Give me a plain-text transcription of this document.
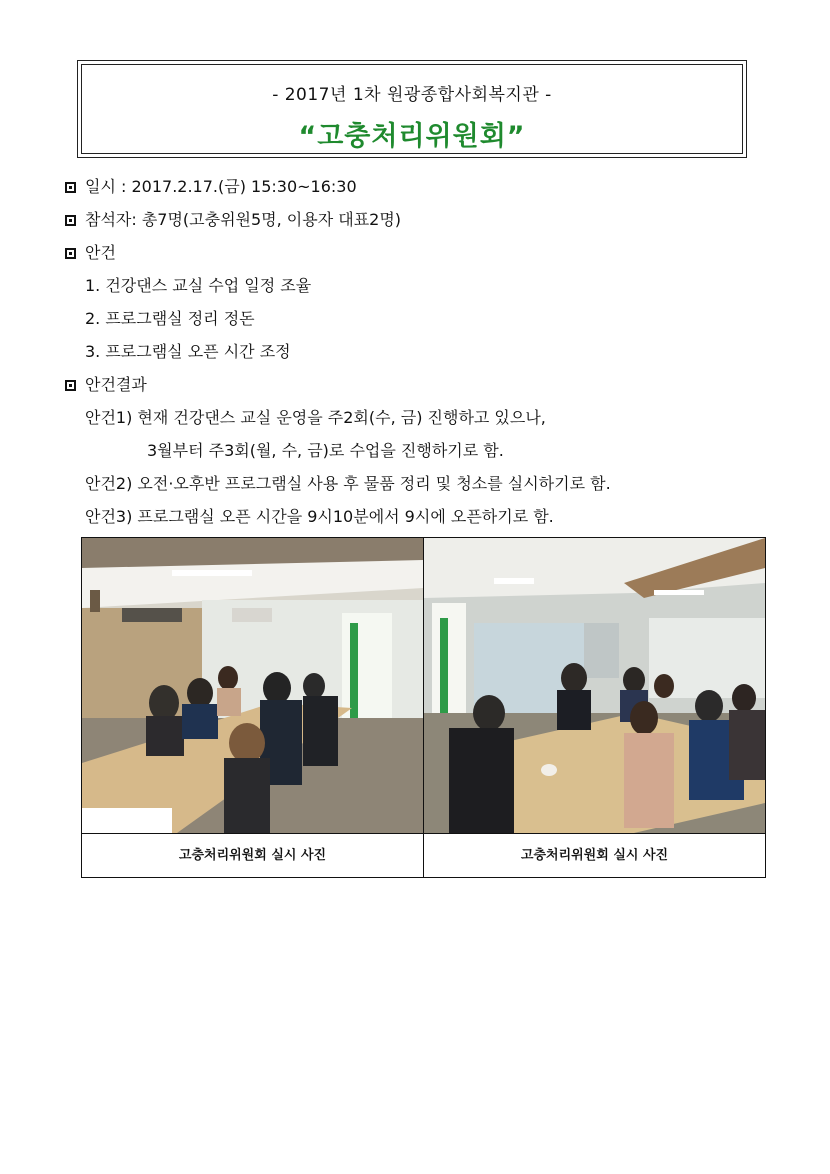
- 2017년 1차 원광종합사회복지관 -
“고충처리위원회”
일시 : 2017.2.17.(금) 15:30~16:30
참석자: 총7명(고충위원5명, 이용자 대표2명)
안건
1. 건강댄스 교실 수업 일정 조율
2. 프로그램실 정리 정돈
3. 프로그램실 오픈 시간 조정
안건결과
안건1) 현재 건강댄스 교실 운영을 주2회(수, 금) 진행하고 있으나,
3월부터 주3회(월, 수, 금)로 수업을 진행하기로 함.
안건2) 오전·오후반 프로그램실 사용 후 물품 정리 및 청소를 실시하기로 함.
안건3) 프로그램실 오픈 시간을 9시10분에서 9시에 오픈하기로 함.
고충처리위원회 실시 사진	고충처리위원회 실시 사진
